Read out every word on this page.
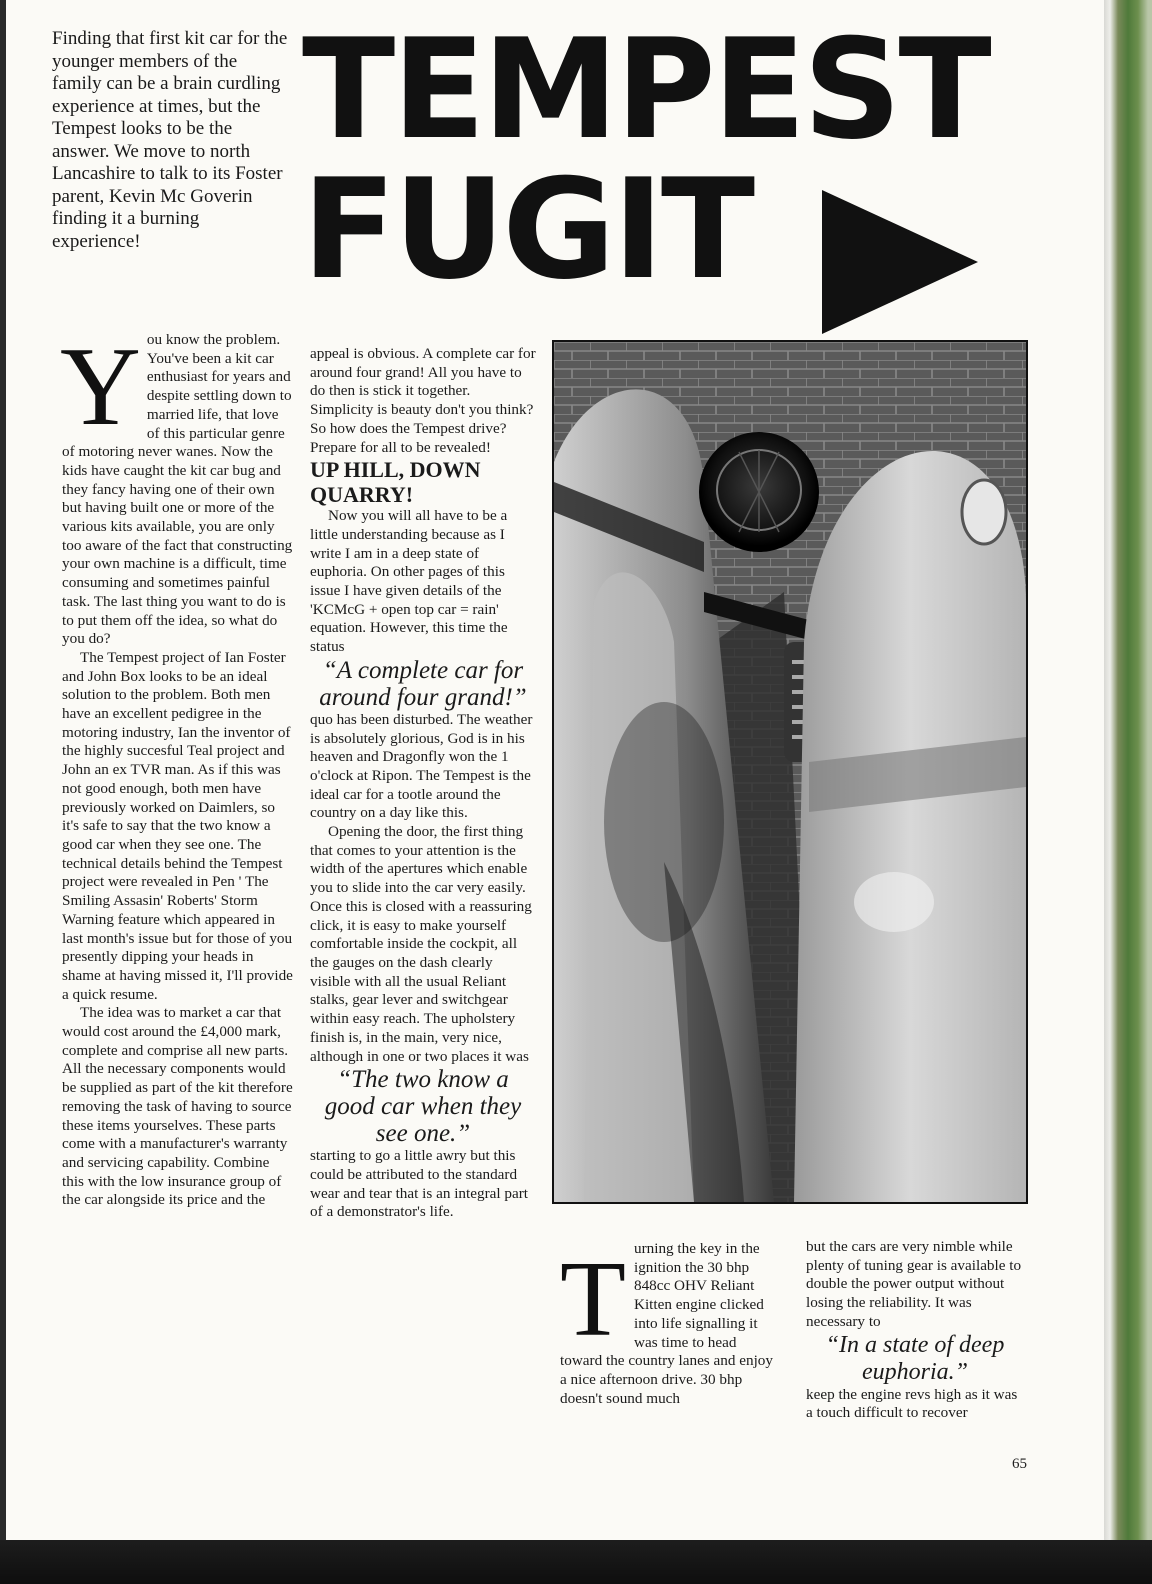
Finding that first kit car for the younger members of the family can be a brain curdling experience at times, but the Tempest looks to be the answer. We move to north Lancashire to talk to its Foster parent, Kevin Mc Goverin finding it a burning experience!
TEMPEST
FUGIT

You know the problem. You've been a kit car enthusiast for years and despite settling down to married life, that love of this particular genre of motoring never wanes. Now the kids have caught the kit car bug and they fancy having one of their own but having built one or more of the various kits available, you are only too aware of the fact that constructing your own machine is a difficult, time consuming and sometimes painful task. The last thing you want to do is to put them off the idea, so what do you do?

The Tempest project of Ian Foster and John Box looks to be an ideal solution to the problem. Both men have an excellent pedigree in the motoring industry, Ian the inventor of the highly succesful Teal project and John an ex TVR man. As if this was not good enough, both men have previously worked on Daimlers, so it's safe to say that the two know a good car when they see one. The technical details behind the Tempest project were revealed in Pen ' The Smiling Assasin' Roberts' Storm Warning feature which appeared in last month's issue but for those of you presently dipping your heads in shame at having missed it, I'll provide a quick resume.

The idea was to market a car that would cost around the £4,000 mark, complete and comprise all new parts. All the necessary components would be supplied as part of the kit therefore removing the task of having to source these items yourselves. These parts come with a manufacturer's warranty and servicing capability. Combine this with the low insurance group of the car alongside its price and the

appeal is obvious. A complete car for around four grand! All you have to do then is stick it together. Simplicity is beauty don't you think? So how does the Tempest drive? Prepare for all to be revealed!

UP HILL, DOWN QUARRY!

Now you will all have to be a little understanding because as I write I am in a deep state of euphoria. On other pages of this issue I have given details of the 'KCMcG + open top car = rain' equation. However, this time the status

“A complete car for around four grand!”

quo has been disturbed. The weather is absolutely glorious, God is in his heaven and Dragonfly won the 1 o'clock at Ripon. The Tempest is the ideal car for a tootle around the country on a day like this.

Opening the door, the first thing that comes to your attention is the width of the apertures which enable you to slide into the car very easily. Once this is closed with a reassuring click, it is easy to make yourself comfortable inside the cockpit, all the gauges on the dash clearly visible with all the usual Reliant stalks, gear lever and switchgear within easy reach. The upholstery finish is, in the main, very nice, although in one or two places it was

“The two know a good car when they see one.”

starting to go a little awry but this could be attributed to the standard wear and tear that is an integral part of a demonstrator's life.

T urning the key in the ignition the 30 bhp 848cc OHV Reliant Kitten engine clicked into life signalling it was time to head toward the country lanes and enjoy a nice afternoon drive. 30 bhp doesn't sound much

but the cars are very nimble while plenty of tuning gear is available to double the power output without losing the reliability. It was necessary to

“In a state of deep euphoria.”

keep the engine revs high as it was a touch difficult to recover

65
